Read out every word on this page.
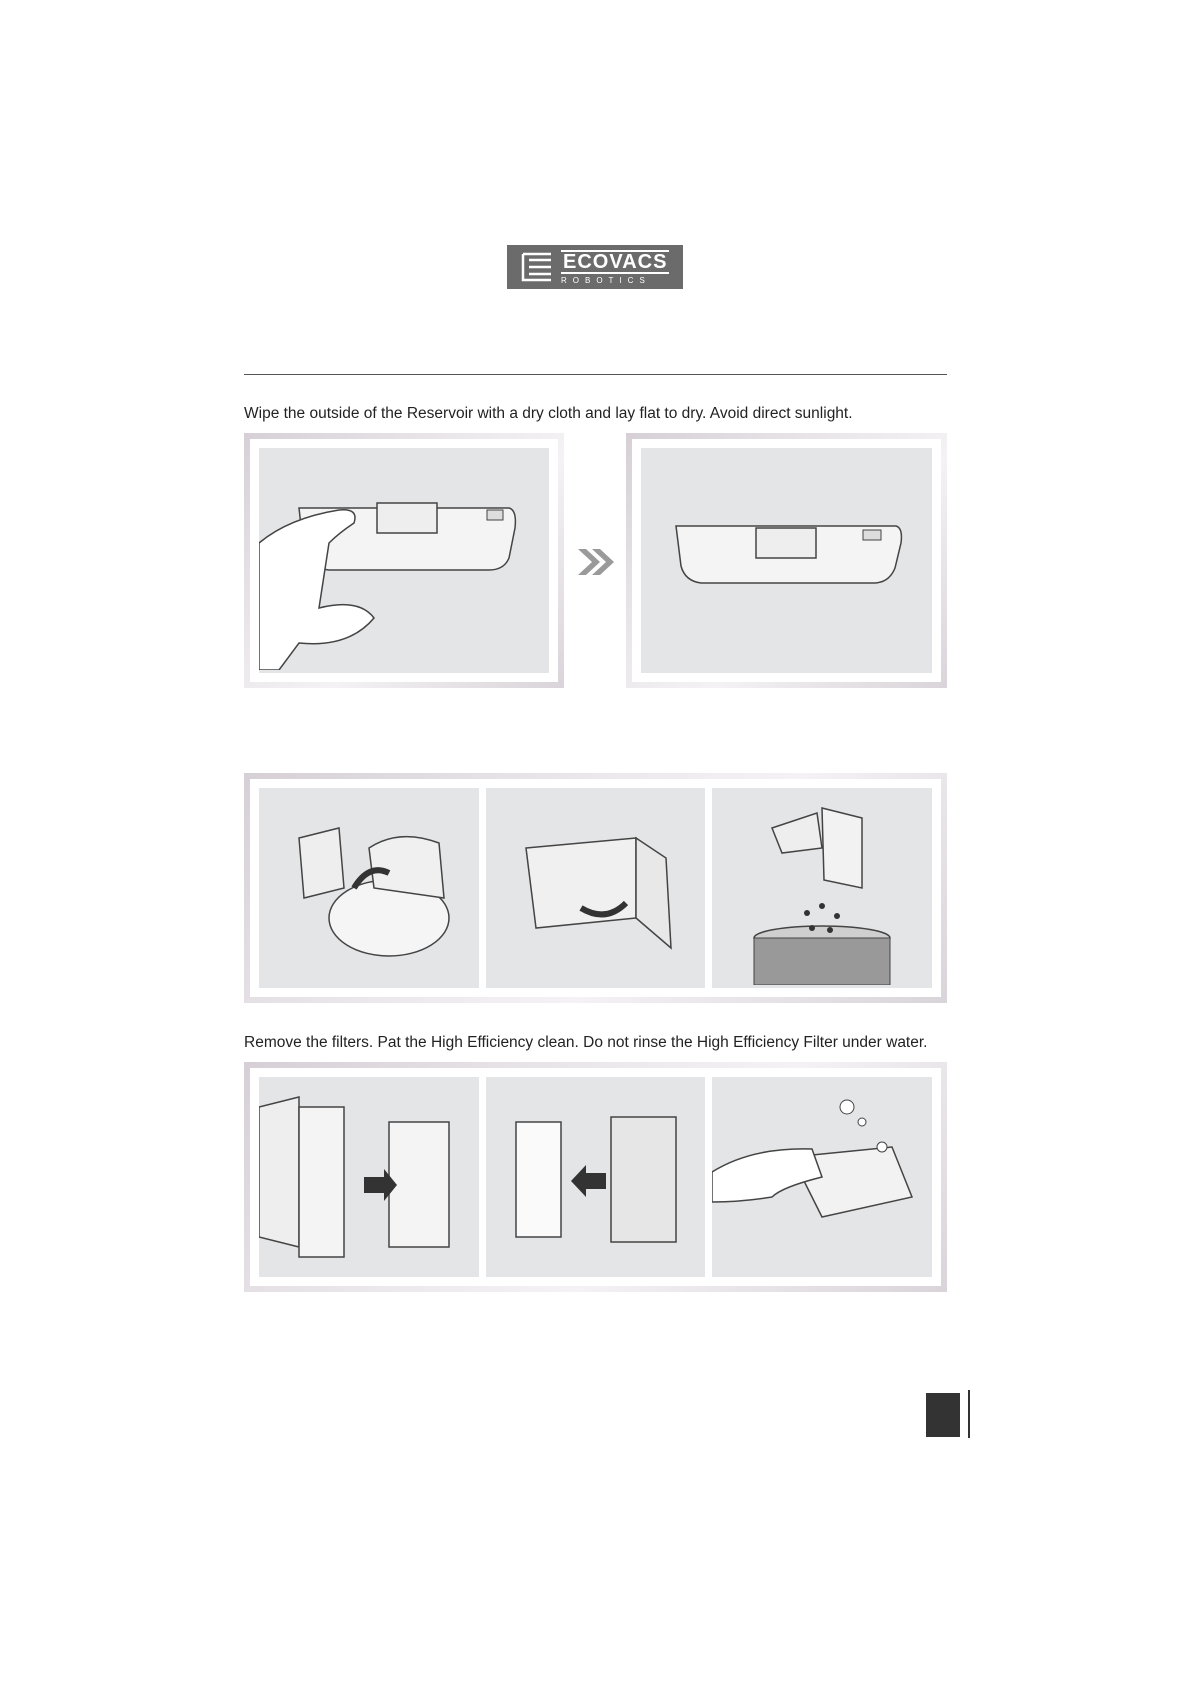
ECOVACS
ROBOTICS
Wipe the outside of the Reservoir with a dry cloth and lay flat to dry. Avoid direct sunlight.
Remove the filters. Pat the High Efficiency clean. Do not rinse the High Efficiency Filter under water.
